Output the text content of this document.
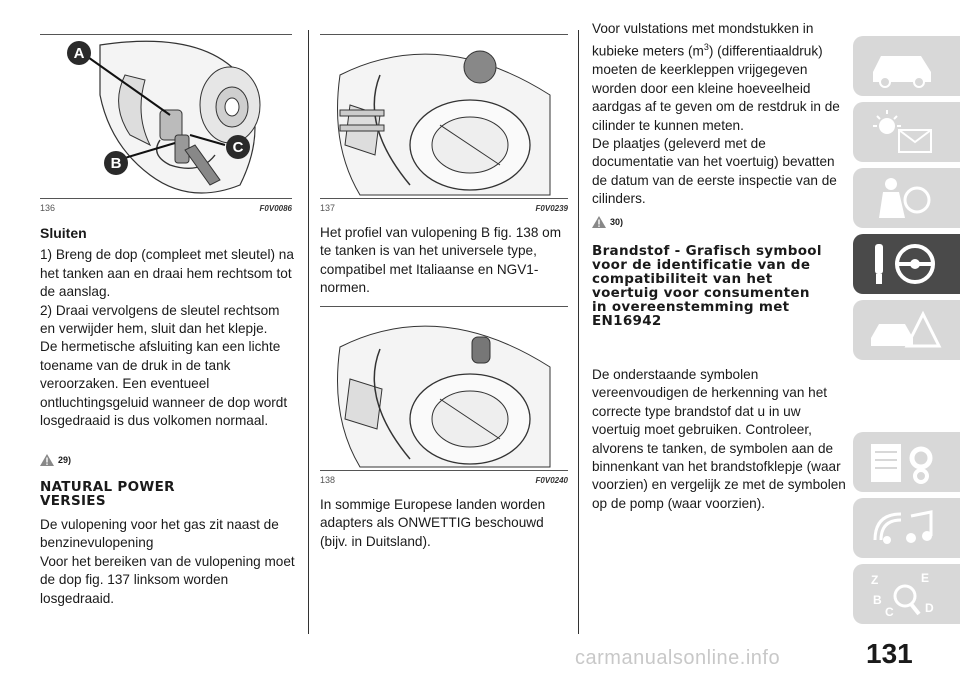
A
B
C
136	F0V0086

Sluiten

1) Breng de dop (compleet met sleutel) na het tanken aan en draai hem rechtsom tot de aanslag.

2) Draai vervolgens de sleutel rechtsom en verwijder hem, sluit dan het klepje.

De hermetische afsluiting kan een lichte toename van de druk in de tank veroorzaken. Een eventueel ontluchtingsgeluid wanneer de dop wordt losgedraaid is dus volkomen normaal.

29)
NATURAL POWER VERSIES

De vulopening voor het gas zit naast de benzinevulopening

Voor het bereiken van de vulopening moet de dop fig. 137 linksom worden losgedraaid.

137	F0V0239

Het profiel van vulopening B fig. 138 om te tanken is van het universele type, compatibel met Italiaanse en NGV1-normen.

138	F0V0240

In sommige Europese landen worden adapters als ONWETTIG beschouwd (bijv. in Duitsland).

Voor vulstations met mondstukken in kubieke meters $(m^3)$ (differentiaaldruk) moeten de keerkleppen vrijgegeven worden door een kleine hoeveelheid aardgas af te geven om de restdruk in de cilinder te kunnen meten.

De plaatjes (geleverd met de documentatie van het voertuig) bevatten de datum van de eerste inspectie van de cilinders.

30)
Brandstof - Grafisch symbool voor de identificatie van de compatibiliteit van het voertuig voor consumenten in overeenstemming met EN16942

De onderstaande symbolen vereenvoudigen de herkenning van het correcte type brandstof dat u in uw voertuig moet gebruiken. Controleer, alvorens te tanken, de symbolen aan de binnenkant van het brandstofklepje (waar voorzien) en vergelijk ze met de symbolen op de pomp (waar voorzien).

Z	E
B
C	D
131
carmanualsonline.info
